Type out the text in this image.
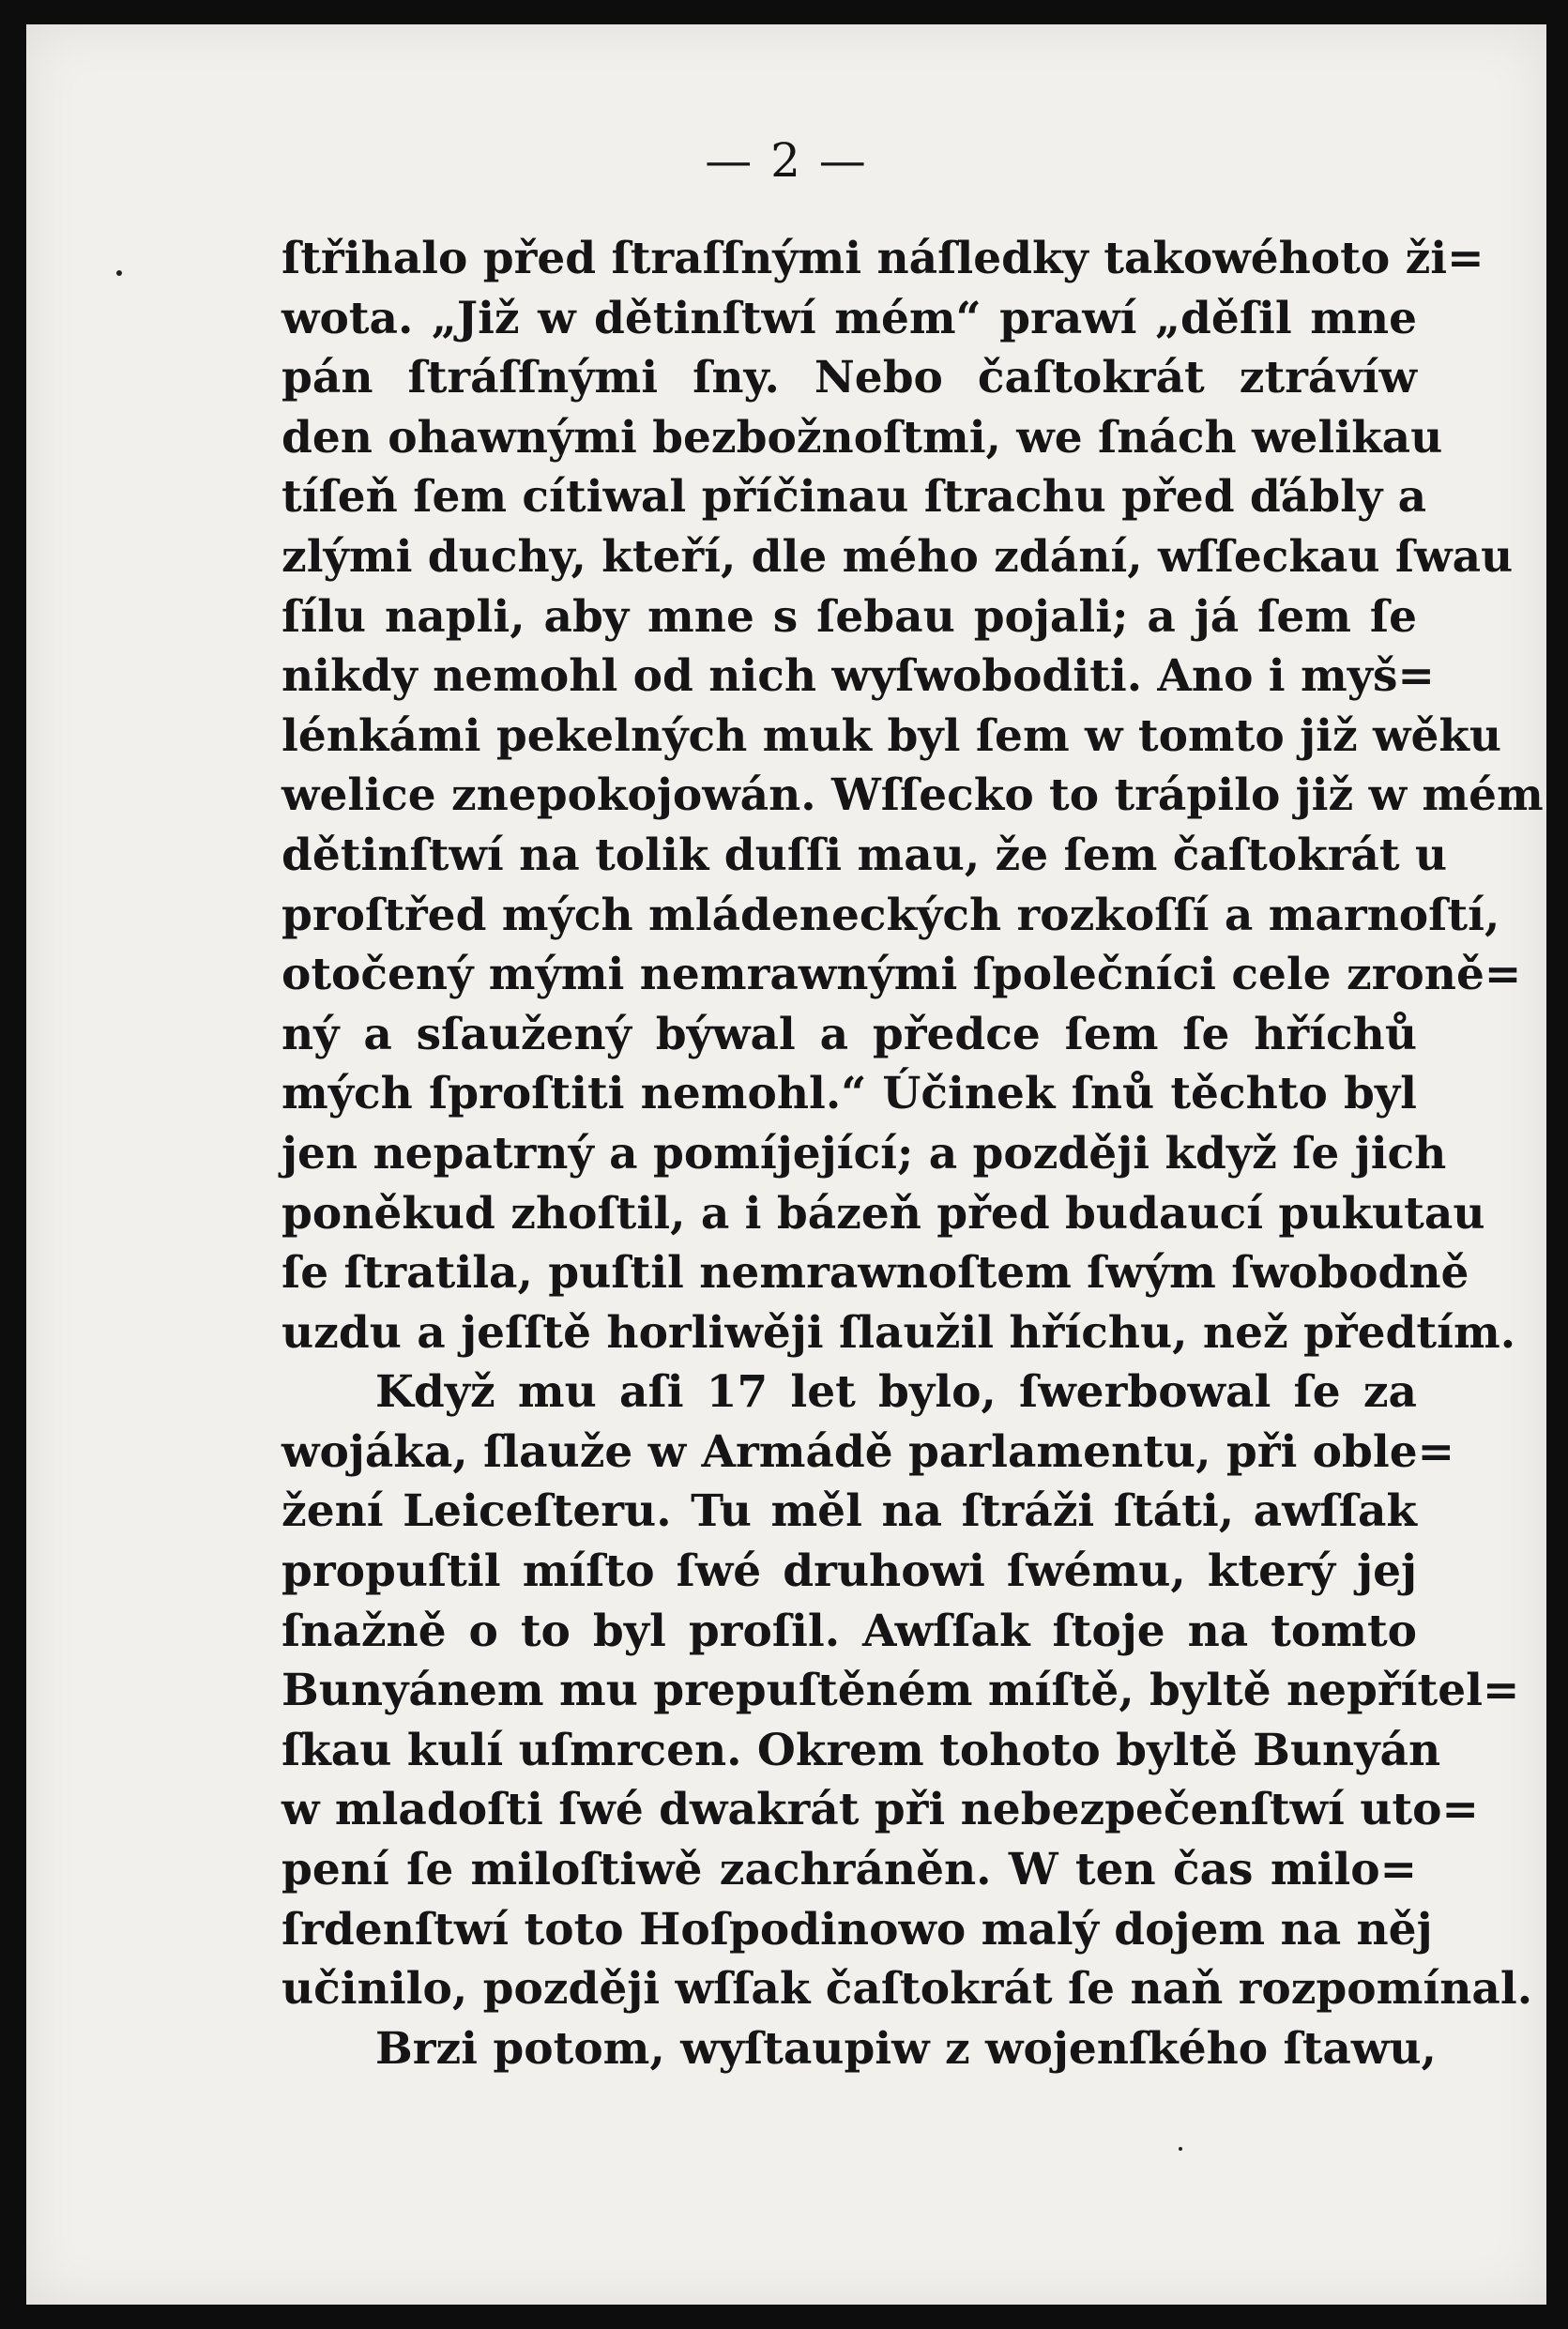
— 2 —
ſtřihalo před ſtraſſnými náſledky takowéhoto ži=
wota. „Již w dětinſtwí mém“ prawí „děſil mne
pán ſtráſſnými ſny. Nebo čaſtokrát ztrávíw
den ohawnými bezbožnoſtmi, we ſnách welikau
tíſeň ſem cítiwal příčinau ſtrachu před ďábly a
zlými duchy, kteří, dle mého zdání, wſſeckau ſwau
ſílu napli, aby mne s ſebau pojali; a já ſem ſe
nikdy nemohl od nich wyſwoboditi. Ano i myš=
lénkámi pekelných muk byl ſem w tomto již wěku
welice znepokojowán. Wſſecko to trápilo již w mém
dětinſtwí na tolik duſſi mau, že ſem čaſtokrát u
proſtřed mých mládeneckých rozkoſſí a marnoſtí,
otočený mými nemrawnými ſpolečníci cele zroně=
ný a sſaužený býwal a předce ſem ſe hříchů
mých ſproſtiti nemohl.“ Účinek ſnů těchto byl
jen nepatrný a pomíjející; a později když ſe jich
poněkud zhoſtil, a i bázeň před budaucí pukutau
ſe ſtratila, puſtil nemrawnoſtem ſwým ſwobodně
uzdu a jeſſtě horliwěji ſlaužil hříchu, než předtím.
Když mu aſi 17 let bylo, ſwerbowal ſe za
wojáka, ſlauže w Armádě parlamentu, při oble=
žení Leiceſteru. Tu měl na ſtráži ſtáti, awſſak
propuſtil míſto ſwé druhowi ſwému, který jej
ſnažně o to byl proſil. Awſſak ſtoje na tomto
Bunyánem mu prepuſtěném míſtě, byltě nepřítel=
ſkau kulí uſmrcen. Okrem tohoto byltě Bunyán
w mladoſti ſwé dwakrát při nebezpečenſtwí uto=
pení ſe miloſtiwě zachráněn. W ten čas milo=
ſrdenſtwí toto Hoſpodinowo malý dojem na něj
učinilo, později wſſak čaſtokrát ſe naň rozpomínal.
Brzi potom, wyſtaupiw z wojenſkého ſtawu,
